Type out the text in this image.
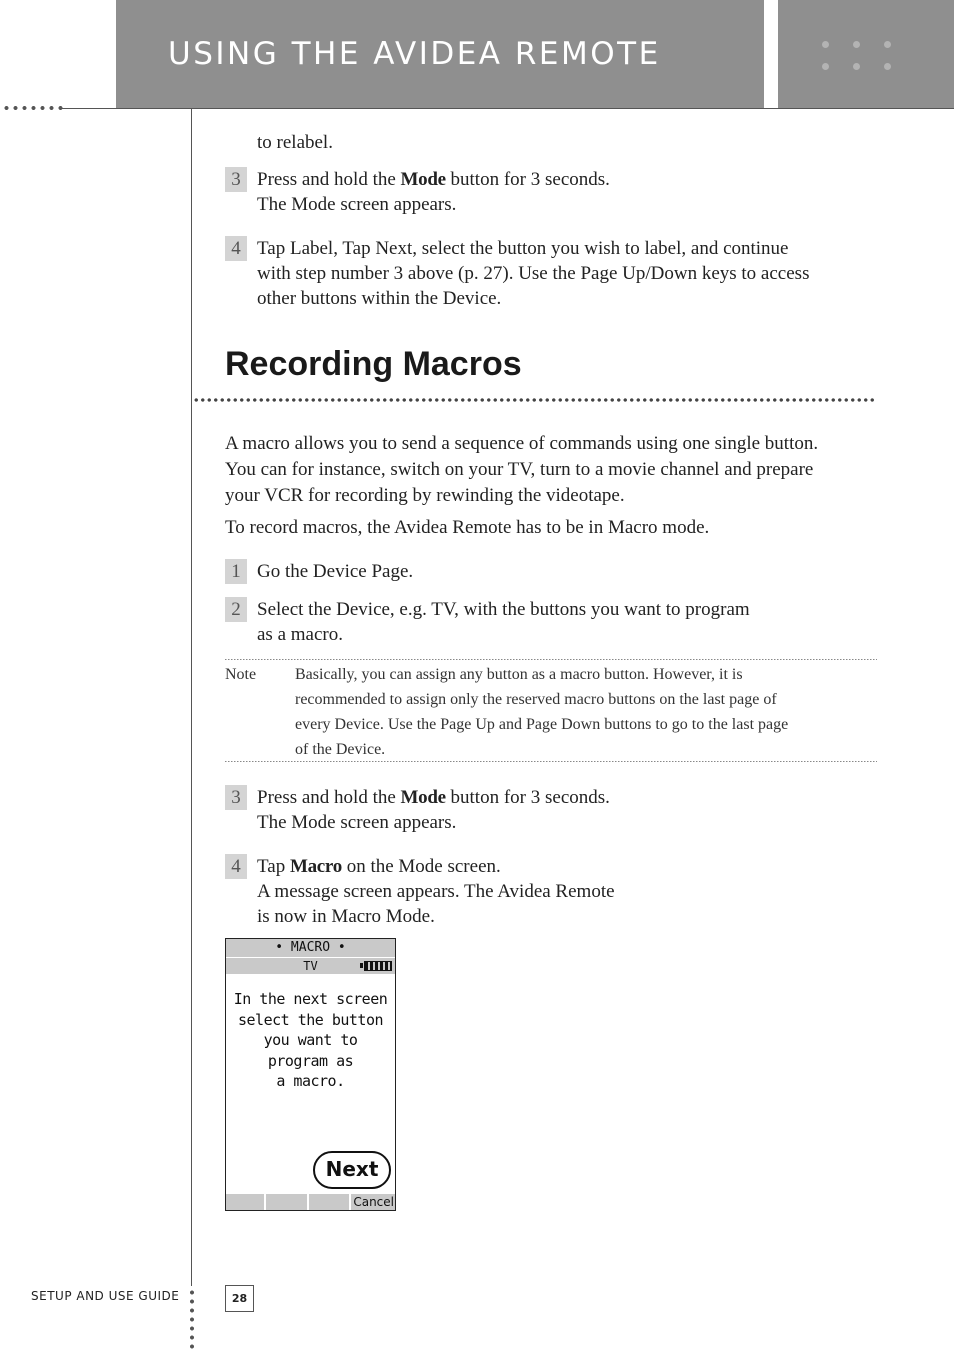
USING THE AVIDEA REMOTE
to relabel.
3 Press and hold the Mode button for 3 seconds.
The Mode screen appears.
4 Tap Label, Tap Next, select the button you wish to label, and continue
with step number 3 above (p. 27). Use the Page Up/Down keys to access
other buttons within the Device.
Recording Macros
A macro allows you to send a sequence of commands using one single button.
You can for instance, switch on your TV, turn to a movie channel and prepare
your VCR for recording by rewinding the videotape.
To record macros, the Avidea Remote has to be in Macro mode.
1 Go the Device Page.
2 Select the Device, e.g. TV, with the buttons you want to program
as a macro.
Note Basically, you can assign any button as a macro button. However, it is
recommended to assign only the reserved macro buttons on the last page of
every Device. Use the Page Up and Page Down buttons to go to the last page
of the Device.
3 Press and hold the Mode button for 3 seconds.
The Mode screen appears.
4 Tap Macro on the Mode screen.
A message screen appears. The Avidea Remote
is now in Macro Mode.
• MACRO •
TV
In the next screen
select the button
you want to
program as
a macro.
Next
Cancel
SETUP AND USE GUIDE	28
